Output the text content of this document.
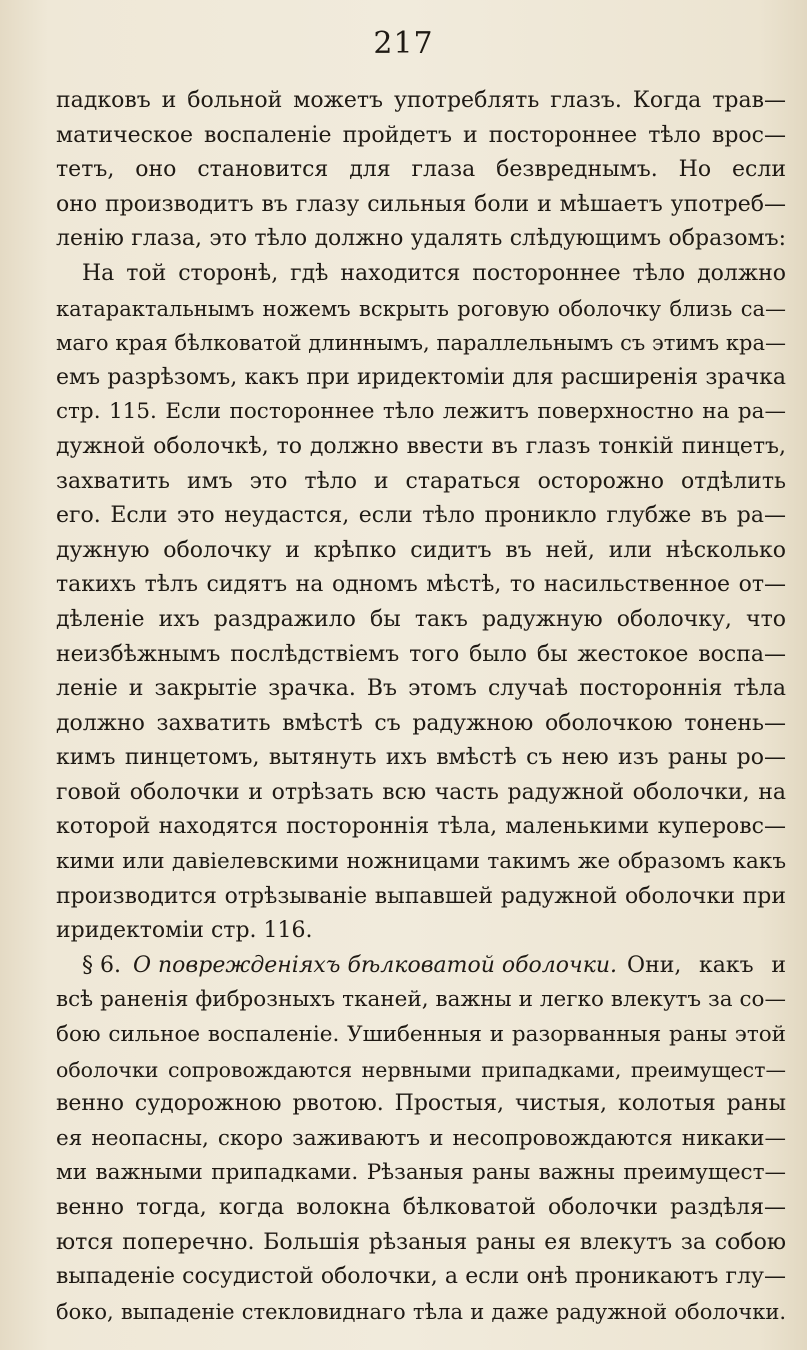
217
падковъ и больной можетъ употреблять глазъ. Когда трав—
матическое воспаленіе пройдетъ и постороннее тѣло врос—
тетъ, оно становится для глаза безвреднымъ. Но если
оно производитъ въ глазу сильныя боли и мѣшаетъ употреб—
ленію глаза, это тѣло должно удалять слѣдующимъ образомъ:
На той сторонѣ, гдѣ находится постороннее тѣло должно
катарактальнымъ ножемъ вскрыть роговую оболочку близь са—
маго края бѣлковатой длиннымъ, параллельнымъ съ этимъ кра—
емъ разрѣзомъ, какъ при иридектоміи для расширенія зрачка
стр. 115. Если постороннее тѣло лежитъ поверхностно на ра—
дужной оболочкѣ, то должно ввести въ глазъ тонкій пинцетъ,
захватить имъ это тѣло и стараться осторожно отдѣлить
его. Если это неудастся, если тѣло проникло глубже въ ра—
дужную оболочку и крѣпко сидитъ въ ней, или нѣсколько
такихъ тѣлъ сидятъ на одномъ мѣстѣ, то насильственное от—
дѣленіе ихъ раздражило бы такъ радужную оболочку, что
неизбѣжнымъ послѣдствіемъ того было бы жестокое воспа—
леніе и закрытіе зрачка. Въ этомъ случаѣ постороннія тѣла
должно захватить вмѣстѣ съ радужною оболочкою тонень—
кимъ пинцетомъ, вытянуть ихъ вмѣстѣ съ нею изъ раны ро—
говой оболочки и отрѣзать всю часть радужной оболочки, на
которой находятся постороннія тѣла, маленькими куперовс—
кими или давіелевскими ножницами такимъ же образомъ какъ
производится отрѣзываніе выпавшей радужной оболочки при
иридектоміи стр. 116.
§ 6. О поврежденіяхъ бѣлковатой оболочки. Они, какъ и
всѣ раненія фиброзныхъ тканей, важны и легко влекутъ за со—
бою сильное воспаленіе. Ушибенныя и разорванныя раны этой
оболочки сопровождаются нервными припадками, преимущест—
венно судорожною рвотою. Простыя, чистыя, колотыя раны
ея неопасны, скоро заживаютъ и несопровождаются никаки—
ми важными припадками. Рѣзаныя раны важны преимущест—
венно тогда, когда волокна бѣлковатой оболочки раздѣля—
ются поперечно. Большія рѣзаныя раны ея влекутъ за собою
выпаденіе сосудистой оболочки, а если онѣ проникаютъ глу—
боко, выпаденіе стекловиднаго тѣла и даже радужной оболочки.
